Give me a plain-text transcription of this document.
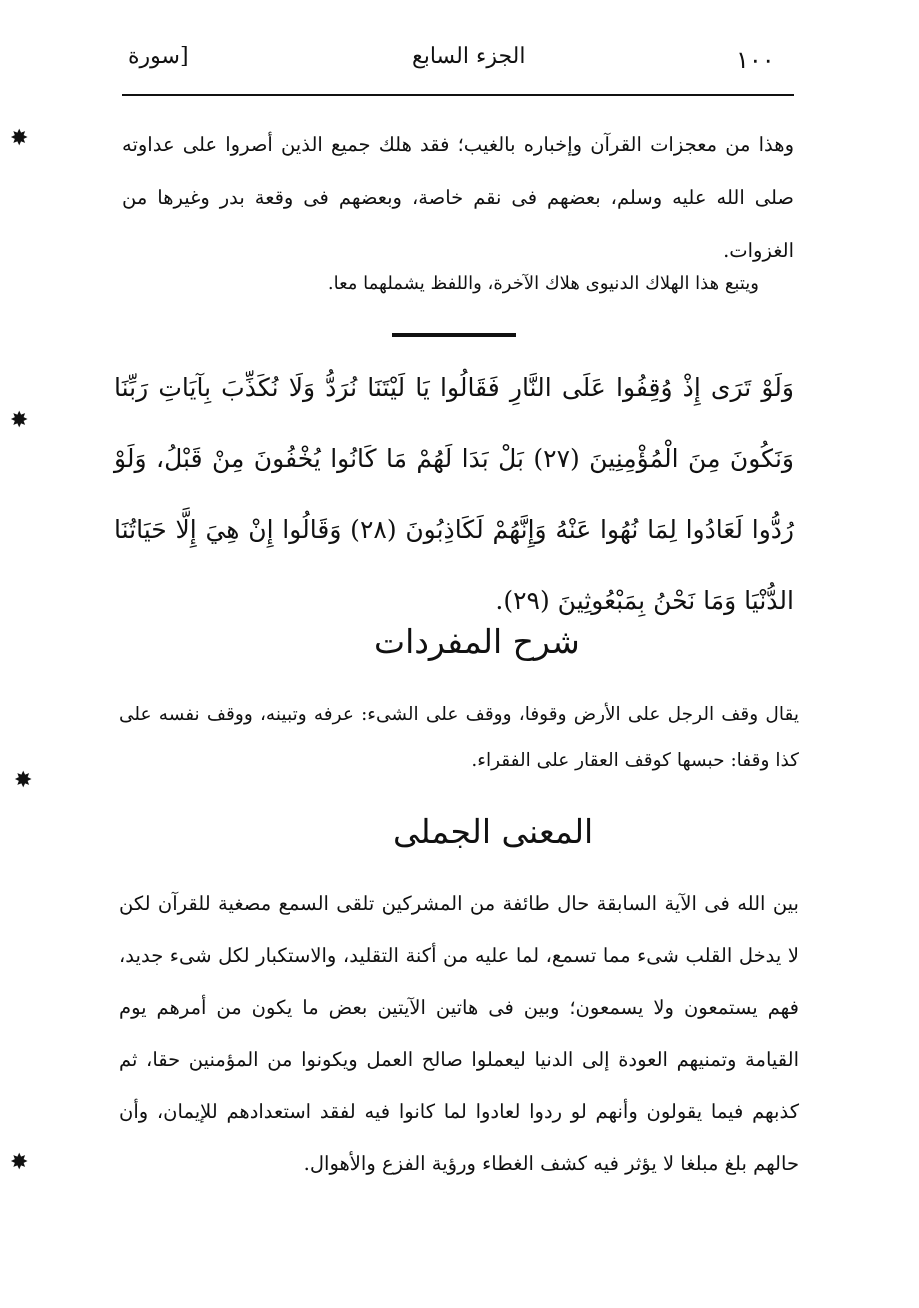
١٠٠
الجزء السابع
[سورة

وهذا من معجزات القرآن وإخباره بالغيب؛ فقد هلك جميع الذين أصروا على عداوته صلى الله عليه وسلم، بعضهم فى نقم خاصة، وبعضهم فى وقعة بدر وغيرها من الغزوات.

ويتبع هذا الهلاك الدنيوى هلاك الآخرة، واللفظ يشملهما معا.

وَلَوْ تَرَى إِذْ وُقِفُوا عَلَى النَّارِ فَقَالُوا يَا لَيْتَنَا نُرَدُّ وَلَا نُكَذِّبَ بِآيَاتِ رَبِّنَا وَنَكُونَ مِنَ الْمُؤْمِنِينَ (٢٧) بَلْ بَدَا لَهُمْ مَا كَانُوا يُخْفُونَ مِنْ قَبْلُ، وَلَوْ رُدُّوا لَعَادُوا لِمَا نُهُوا عَنْهُ وَإِنَّهُمْ لَكَاذِبُونَ (٢٨) وَقَالُوا إِنْ هِيَ إِلَّا حَيَاتُنَا الدُّنْيَا وَمَا نَحْنُ بِمَبْعُوثِينَ (٢٩).

شرح المفردات

يقال وقف الرجل على الأرض وقوفا، ووقف على الشىء: عرفه وتبينه، ووقف نفسه على كذا وقفا: حبسها كوقف العقار على الفقراء.

المعنى الجملى

بين الله فى الآية السابقة حال طائفة من المشركين تلقى السمع مصغية للقرآن لكن لا يدخل القلب شىء مما تسمع، لما عليه من أكنة التقليد، والاستكبار لكل شىء جديد، فهم يستمعون ولا يسمعون؛ وبين فى هاتين الآيتين بعض ما يكون من أمرهم يوم القيامة وتمنيهم العودة إلى الدنيا ليعملوا صالح العمل ويكونوا من المؤمنين حقا، ثم كذبهم فيما يقولون وأنهم لو ردوا لعادوا لما كانوا فيه لفقد استعدادهم للإيمان، وأن حالهم بلغ مبلغا لا يؤثر فيه كشف الغطاء ورؤية الفزع والأهوال.

✸
✸
✸
✸
